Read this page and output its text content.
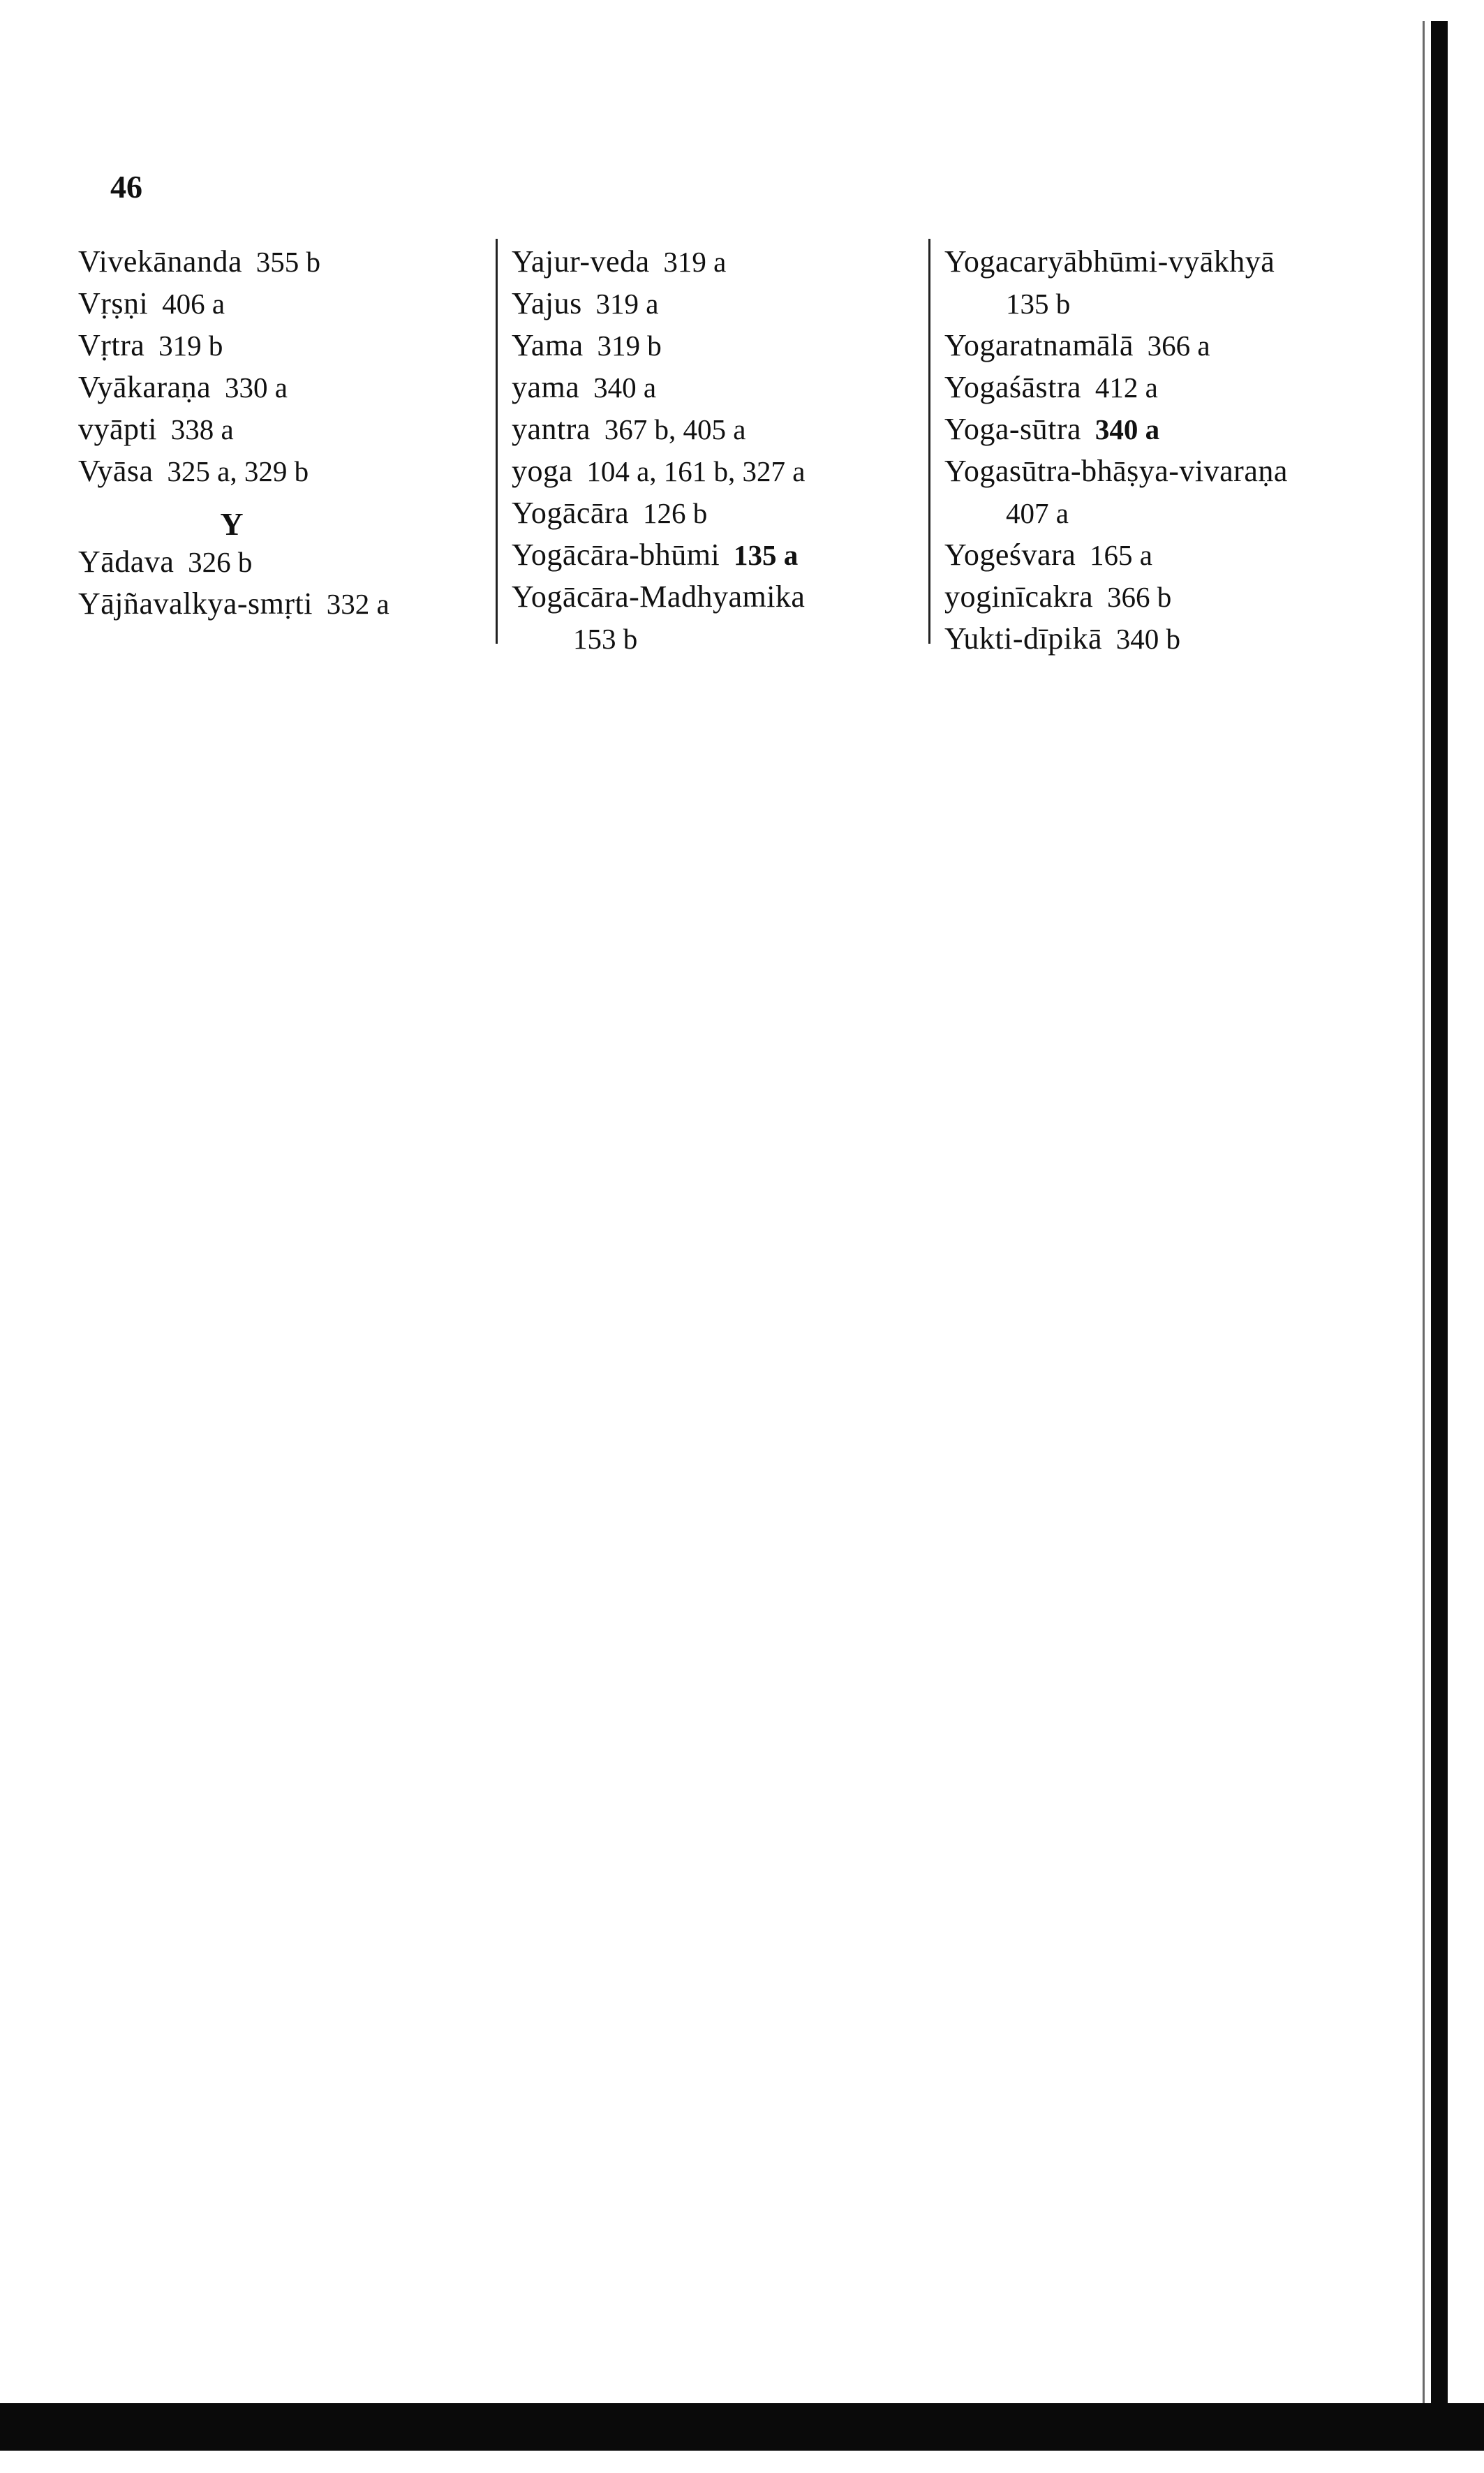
46
Vivekānanda 355 b
Vṛṣṇi 406 a
Vṛtra 319 b
Vyākaraṇa 330 a
vyāpti 338 a
Vyāsa 325 a , 329 b
Y
Yādava 326 b
Yājñavalkya-smṛti 332 a
Yajur-veda 319 a
Yajus 319 a
Yama 319 b
yama 340 a
yantra 367 b , 405 a
yoga 104 a , 161 b , 327 a
Yogācāra 126 b
Yogācāra-bhūmi 135 a
Yogācāra-Madhyamika
153 b
Yogacaryābhūmi-vyākhyā
135 b
Yogaratnamālā 366 a
Yogaśāstra 412 a
Yoga-sūtra 340 a
Yogasūtra-bhāṣya-vivaraṇa
407 a
Yogeśvara 165 a
yoginīcakra 366 b
Yukti-dīpikā 340 b
